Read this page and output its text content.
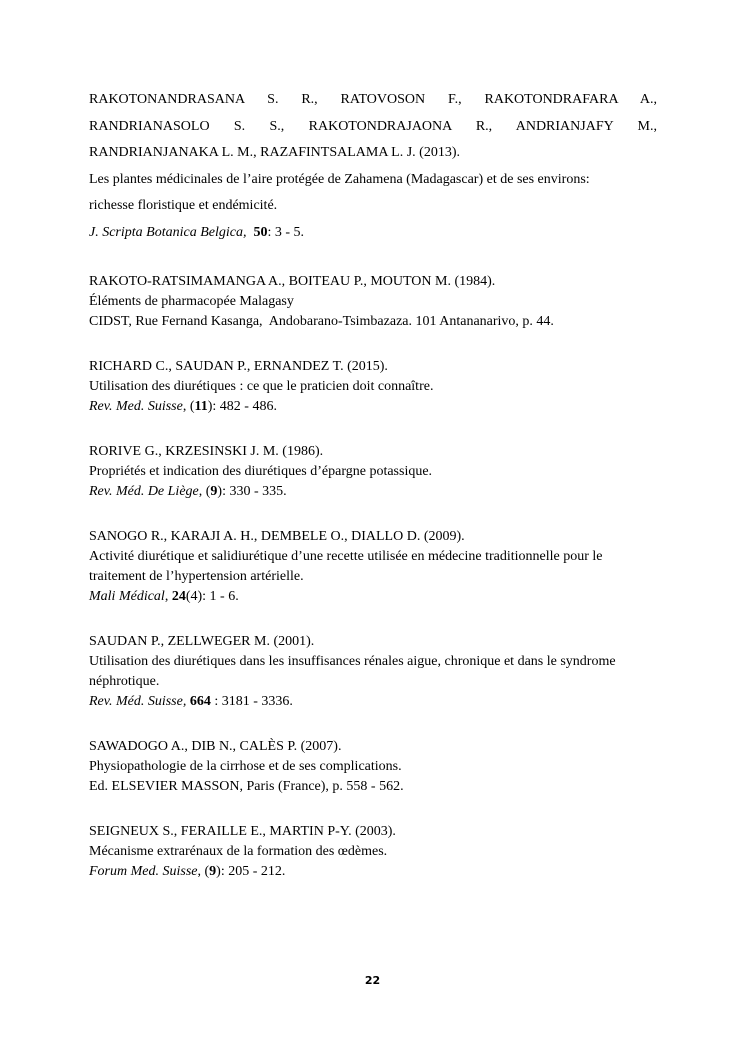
RAKOTONANDRASANA S. R., RATOVOSON F., RAKOTONDRAFARA A.,
RANDRIANASOLO S. S., RAKOTONDRAJAONA R., ANDRIANJAFY M.,
RANDRIANJANAKA L. M., RAZAFINTSALAMA L. J. (2013).
Les plantes médicinales de l’aire protégée de Zahamena (Madagascar) et de ses environs:
richesse floristique et endémicité.
J. Scripta Botanica Belgica, 50: 3 - 5.
RAKOTO-RATSIMAMANGA A., BOITEAU P., MOUTON M. (1984).
Éléments de pharmacopée Malagasy
CIDST, Rue Fernand Kasanga,  Andobarano-Tsimbazaza. 101 Antananarivo, p. 44.
RICHARD C., SAUDAN P., ERNANDEZ T. (2015).
Utilisation des diurétiques : ce que le praticien doit connaître.
Rev. Med. Suisse, (11): 482 - 486.
RORIVE G., KRZESINSKI J. M. (1986).
Propriétés et indication des diurétiques d’épargne potassique.
Rev. Méd. De Liège, (9): 330 - 335.
SANOGO R., KARAJI A. H., DEMBELE O., DIALLO D. (2009).
Activité diurétique et salidiurétique d’une recette utilisée en médecine traditionnelle pour le
traitement de l’hypertension artérielle.
Mali Médical, 24(4): 1 - 6.
SAUDAN P., ZELLWEGER M. (2001).
Utilisation des diurétiques dans les insuffisances rénales aigue, chronique et dans le syndrome
néphrotique.
Rev. Méd. Suisse, 664 : 3181 - 3336.
SAWADOGO A., DIB N., CALÈS P. (2007).
Physiopathologie de la cirrhose et de ses complications.
Ed. ELSEVIER MASSON, Paris (France), p. 558 - 562.
SEIGNEUX S., FERAILLE E., MARTIN P-Y. (2003).
Mécanisme extrarénaux de la formation des œdèmes.
Forum Med. Suisse, (9): 205 - 212.
22
